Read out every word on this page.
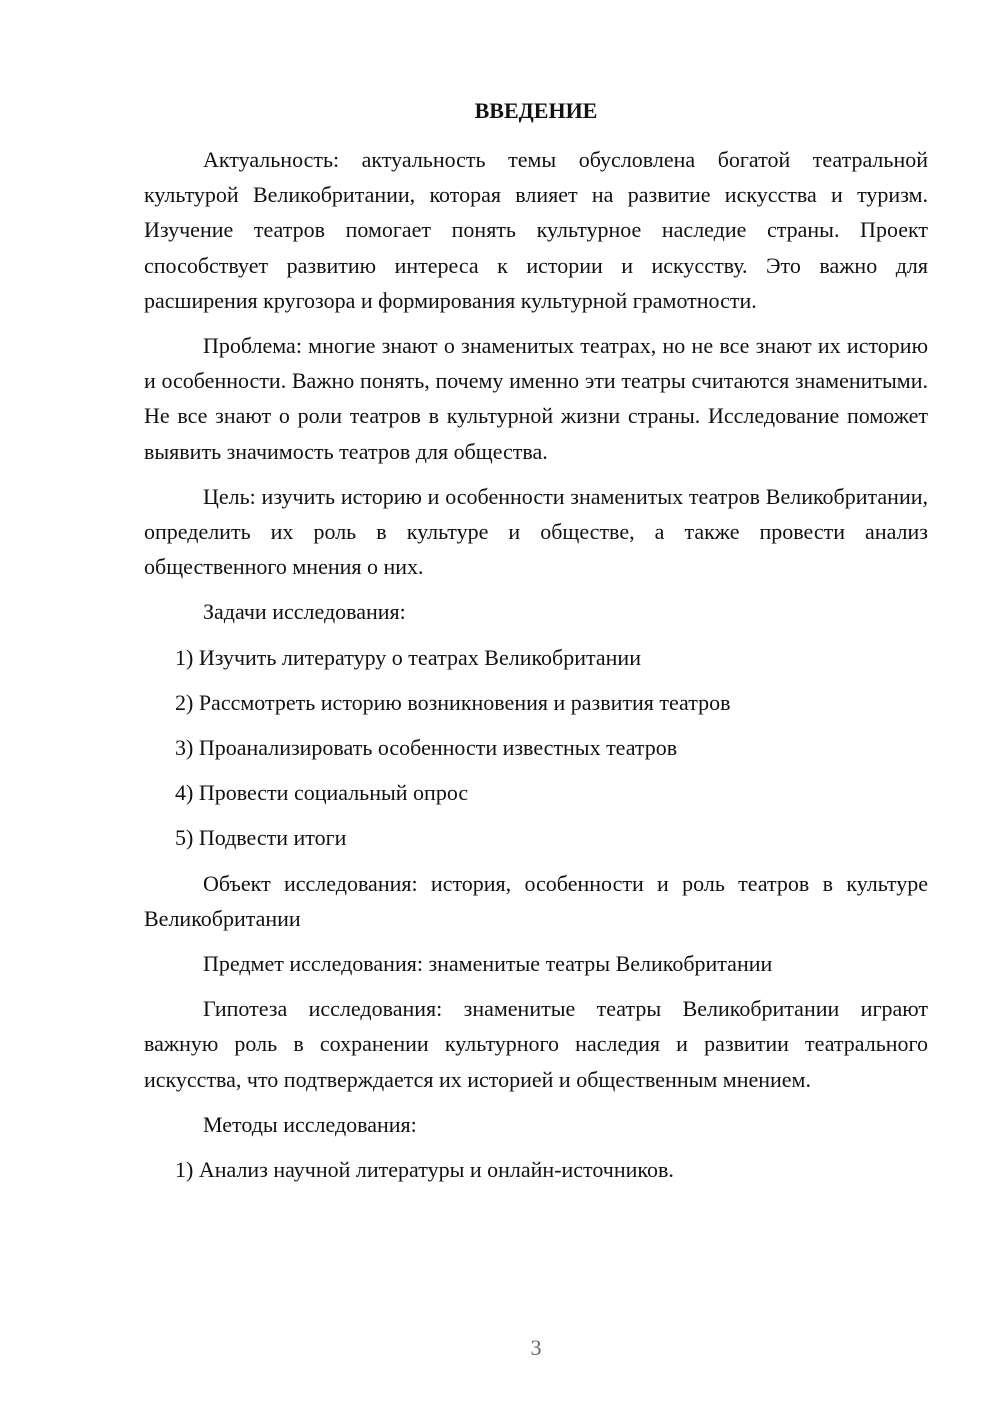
ВВЕДЕНИЕ

Актуальность: актуальность темы обусловлена богатой театральной культурой Великобритании, которая влияет на развитие искусства и туризм. Изучение театров помогает понять культурное наследие страны. Проект способствует развитию интереса к истории и искусству. Это важно для расширения кругозора и формирования культурной грамотности.

Проблема: многие знают о знаменитых театрах, но не все знают их историю и особенности. Важно понять, почему именно эти театры считаются знаменитыми. Не все знают о роли театров в культурной жизни страны. Исследование поможет выявить значимость театров для общества.

Цель: изучить историю и особенности знаменитых театров Великобритании, определить их роль в культуре и обществе, а также провести анализ общественного мнения о них.

Задачи исследования:

1) Изучить литературу о театрах Великобритании

2) Рассмотреть историю возникновения и развития театров

3) Проанализировать особенности известных театров

4) Провести социальный опрос

5) Подвести итоги

Объект исследования: история, особенности и роль театров в культуре Великобритании

Предмет исследования: знаменитые театры Великобритании

Гипотеза исследования: знаменитые театры Великобритании играют важную роль в сохранении культурного наследия и развитии театрального искусства, что подтверждается их историей и общественным мнением.

Методы исследования:

1) Анализ научной литературы и онлайн-источников.

3
